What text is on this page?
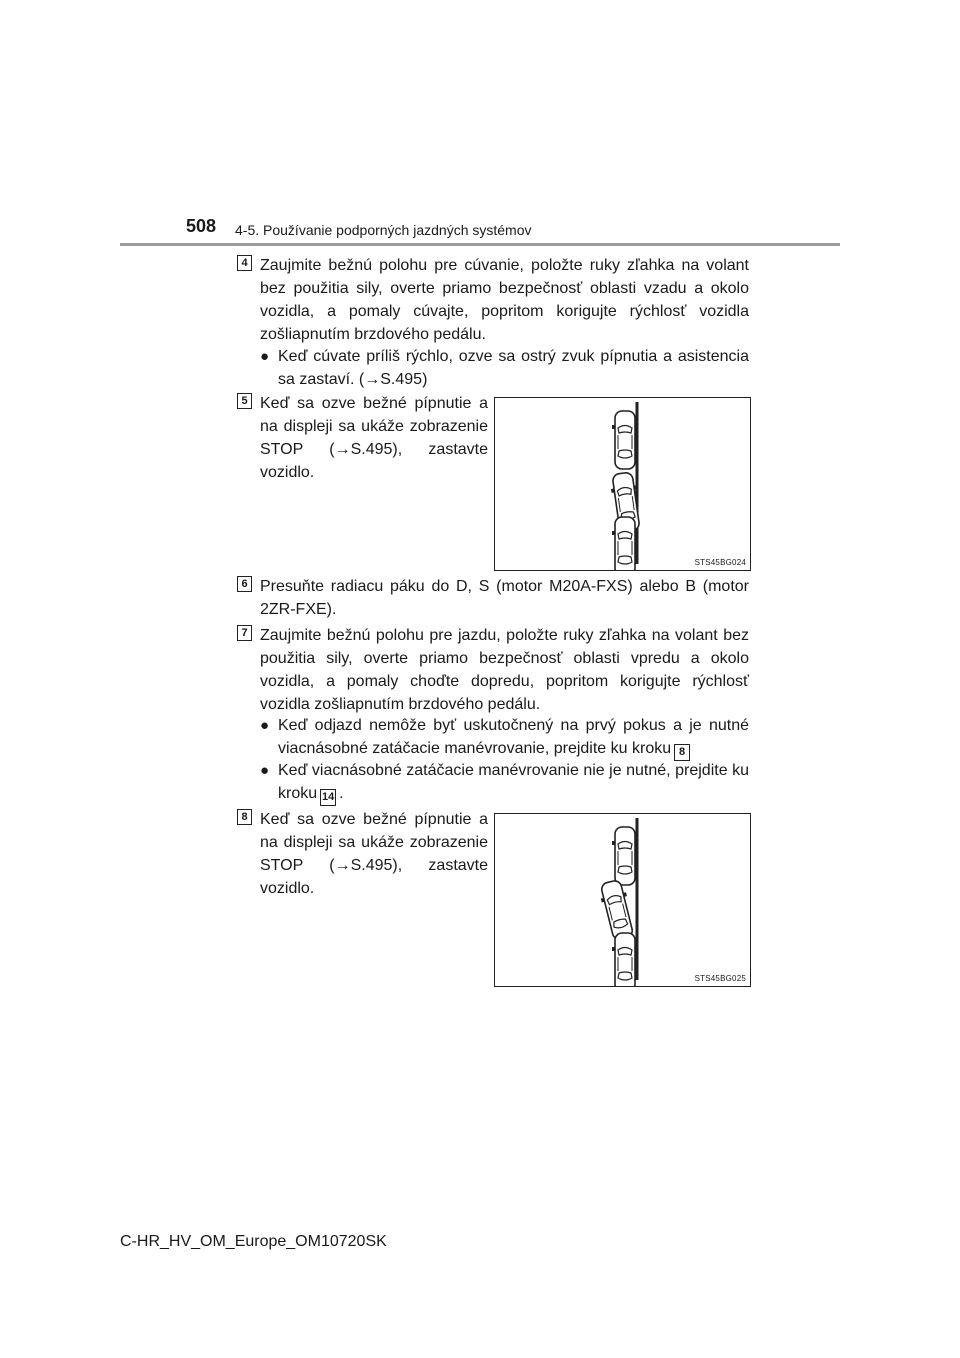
508 4-5. Používanie podporných jazdných systémov
4 Zaujmite bežnú polohu pre cúvanie, položte ruky zľahka na volant bez použitia sily, overte priamo bezpečnosť oblasti vzadu a okolo vozidla, a pomaly cúvajte, popritom korigujte rýchlosť vozidla zošliapnutím brzdového pedálu.
● Keď cúvate príliš rýchlo, ozve sa ostrý zvuk pípnutia a asistencia sa zastaví. (→S.495)
5 Keď sa ozve bežné pípnutie a na displeji sa ukáže zobrazenie STOP (→S.495), zastavte vozidlo.
STS45BG024
6 Presuňte radiacu páku do D, S (motor M20A-FXS) alebo B (motor 2ZR-FXE).
7 Zaujmite bežnú polohu pre jazdu, položte ruky zľahka na volant bez použitia sily, overte priamo bezpečnosť oblasti vpredu a okolo vozidla, a pomaly choďte dopredu, popritom korigujte rýchlosť vozidla zošliapnutím brzdového pedálu.
● Keď odjazd nemôže byť uskutočnený na prvý pokus a je nutné viacnásobné zatáčacie manévrovanie, prejdite ku kroku 8
● Keď viacnásobné zatáčacie manévrovanie nie je nutné, prejdite ku kroku 14 .
8 Keď sa ozve bežné pípnutie a na displeji sa ukáže zobrazenie STOP (→S.495), zastavte vozidlo.
STS45BG025
C-HR_HV_OM_Europe_OM10720SK
